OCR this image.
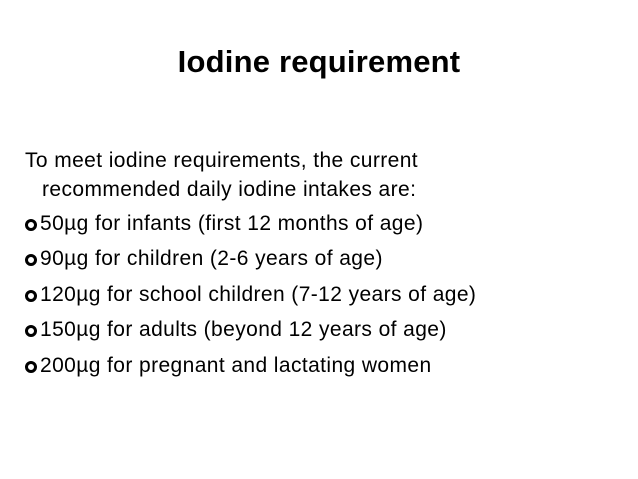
Iodine requirement
To meet iodine requirements, the current
recommended daily iodine intakes are:
50µg for infants (first 12 months of age)
90µg for children (2-6 years of age)
120µg for school children (7-12 years of age)
150µg for adults (beyond 12 years of age)
200µg for pregnant and lactating women
